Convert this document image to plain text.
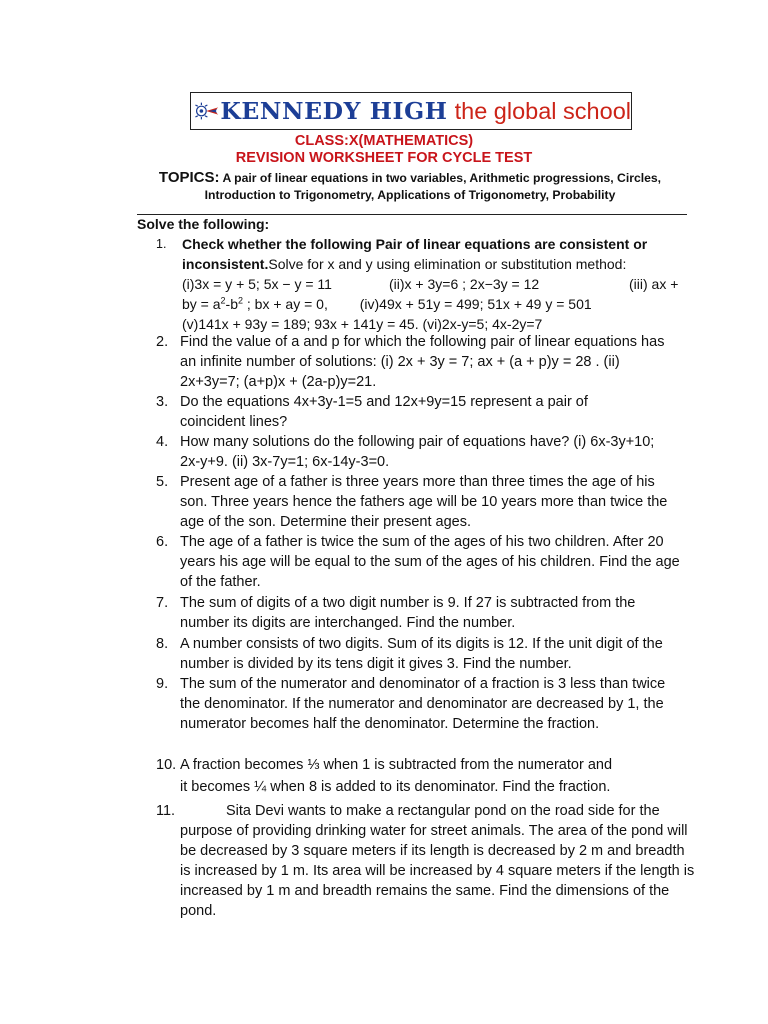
KENNEDY HIGH the global school
CLASS:X(MATHEMATICS)
REVISION WORKSHEET FOR CYCLE TEST
TOPICS: A pair of linear equations in two variables, Arithmetic progressions, Circles,
Introduction to Trigonometry, Applications of Trigonometry, Probability
Solve the following:
1. Check whether the following Pair of linear equations are consistent or inconsistent.Solve for x and y using elimination or substitution method:

(i)3x = y + 5; 5x − y = 11	(ii)x + 3y=6 ; 2x−3y = 12	(iii) ax +
by = $a^2-b^2$ ; bx + ay = 0, (iv)49x + 51y = 499; 51x + 49 y = 501
(v)141x + 93y = 189; 93x + 141y = 45. (vi)2x-y=5; 4x-2y=7
2. Find the value of a and p for which the following pair of linear equations has an infinite number of solutions: (i) 2x + 3y = 7; ax + (a + p)y = 28 . (ii) 2x+3y=7; (a+p)x + (2a-p)y=21.
3. Do the equations 4x+3y-1=5 and 12x+9y=15 represent a pair of coincident lines?
4. How many solutions do the following pair of equations have? (i) 6x-3y+10; 2x-y+9. (ii) 3x-7y=1; 6x-14y-3=0.
5. Present age of a father is three years more than three times the age of his son. Three years hence the fathers age will be 10 years more than twice the age of the son. Determine their present ages.
6. The age of a father is twice the sum of the ages of his two children. After 20 years his age will be equal to the sum of the ages of his children. Find the age of the father.
7. The sum of digits of a two digit number is 9. If 27 is subtracted from the number its digits are interchanged. Find the number.
8. A number consists of two digits. Sum of its digits is 12. If the unit digit of the number is divided by its tens digit it gives 3. Find the number.
9. The sum of the numerator and denominator of a fraction is 3 less than twice the denominator. If the numerator and denominator are decreased by 1, the numerator becomes half the denominator. Determine the fraction.
10. A fraction becomes ⅓ when 1 is subtracted from the numerator and
it becomes ¼ when 8 is added to its denominator. Find the fraction.
11.	Sita Devi wants to make a rectangular pond on the road side for the purpose of providing drinking water for street animals. The area of the pond will be decreased by 3 square meters if its length is decreased by 2 m and breadth is increased by 1 m. Its area will be increased by 4 square meters if the length is increased by 1 m and breadth remains the same. Find the dimensions of the pond.
